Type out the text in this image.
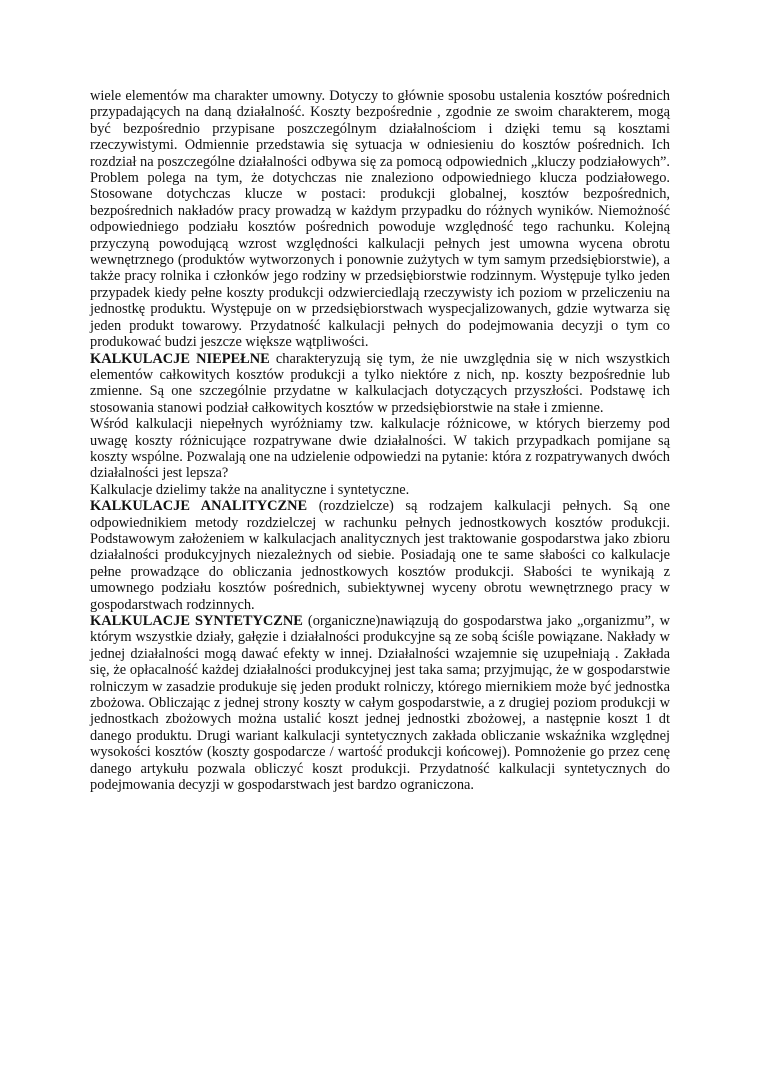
wiele elementów ma charakter umowny. Dotyczy to głównie sposobu ustalenia kosztów pośrednich przypadających na daną działalność. Koszty bezpośrednie , zgodnie ze swoim charakterem, mogą być bezpośrednio przypisane poszczególnym działalnościom i dzięki temu są kosztami rzeczywistymi. Odmiennie przedstawia się sytuacja w odniesieniu do kosztów pośrednich. Ich rozdział na poszczególne działalności odbywa się za pomocą odpowiednich „kluczy podziałowych”. Problem polega na tym, że dotychczas nie znaleziono odpowiedniego klucza podziałowego. Stosowane dotychczas klucze w postaci: produkcji globalnej, kosztów bezpośrednich, bezpośrednich nakładów pracy prowadzą w każdym przypadku do różnych wyników. Niemożność odpowiedniego podziału kosztów pośrednich powoduje względność tego rachunku. Kolejną przyczyną powodującą wzrost względności kalkulacji pełnych jest umowna wycena obrotu wewnętrznego (produktów wytworzonych i ponownie zużytych w tym samym przedsiębiorstwie), a także pracy rolnika i członków jego rodziny w przedsiębiorstwie rodzinnym. Występuje tylko jeden przypadek kiedy pełne koszty produkcji odzwierciedlają rzeczywisty ich poziom w przeliczeniu na jednostkę produktu. Występuje on w przedsiębiorstwach wyspecjalizowanych, gdzie wytwarza się jeden produkt towarowy. Przydatność kalkulacji pełnych do podejmowania decyzji o tym co produkować budzi jeszcze większe wątpliwości.

KALKULACJE NIEPEŁNE charakteryzują się tym, że nie uwzględnia się w nich wszystkich elementów całkowitych kosztów produkcji a tylko niektóre z nich, np. koszty bezpośrednie lub zmienne. Są one szczególnie przydatne w kalkulacjach dotyczących przyszłości. Podstawę ich stosowania stanowi podział całkowitych kosztów w przedsiębiorstwie na stałe i zmienne.

Wśród kalkulacji niepełnych wyróżniamy tzw. kalkulacje różnicowe, w których bierzemy pod uwagę koszty różnicujące rozpatrywane dwie działalności. W takich przypadkach pomijane są koszty wspólne. Pozwalają one na udzielenie odpowiedzi na pytanie: która z rozpatrywanych dwóch działalności jest lepsza?

Kalkulacje dzielimy także na analityczne i syntetyczne.

KALKULACJE ANALITYCZNE (rozdzielcze) są rodzajem kalkulacji pełnych. Są one odpowiednikiem metody rozdzielczej w rachunku pełnych jednostkowych kosztów produkcji. Podstawowym założeniem w kalkulacjach analitycznych jest traktowanie gospodarstwa jako zbioru działalności produkcyjnych niezależnych od siebie. Posiadają one te same słabości co kalkulacje pełne prowadzące do obliczania jednostkowych kosztów produkcji. Słabości te wynikają z umownego podziału kosztów pośrednich, subiektywnej wyceny obrotu wewnętrznego pracy w gospodarstwach rodzinnych.

KALKULACJE SYNTETYCZNE (organiczne)nawiązują do gospodarstwa jako „organizmu”, w którym wszystkie działy, gałęzie i działalności produkcyjne są ze sobą ściśle powiązane. Nakłady w jednej działalności mogą dawać efekty w innej. Działalności wzajemnie się uzupełniają . Zakłada się, że opłacalność każdej działalności produkcyjnej jest taka sama; przyjmując, że w gospodarstwie rolniczym w zasadzie produkuje się jeden produkt rolniczy, którego miernikiem może być jednostka zbożowa. Obliczając z jednej strony koszty w całym gospodarstwie, a z drugiej poziom produkcji w jednostkach zbożowych można ustalić koszt jednej jednostki zbożowej, a następnie koszt 1 dt danego produktu. Drugi wariant kalkulacji syntetycznych zakłada obliczanie wskaźnika względnej wysokości kosztów (koszty gospodarcze / wartość produkcji końcowej). Pomnożenie go przez cenę danego artykułu pozwala obliczyć koszt produkcji. Przydatność kalkulacji syntetycznych do podejmowania decyzji w gospodarstwach jest bardzo ograniczona.
